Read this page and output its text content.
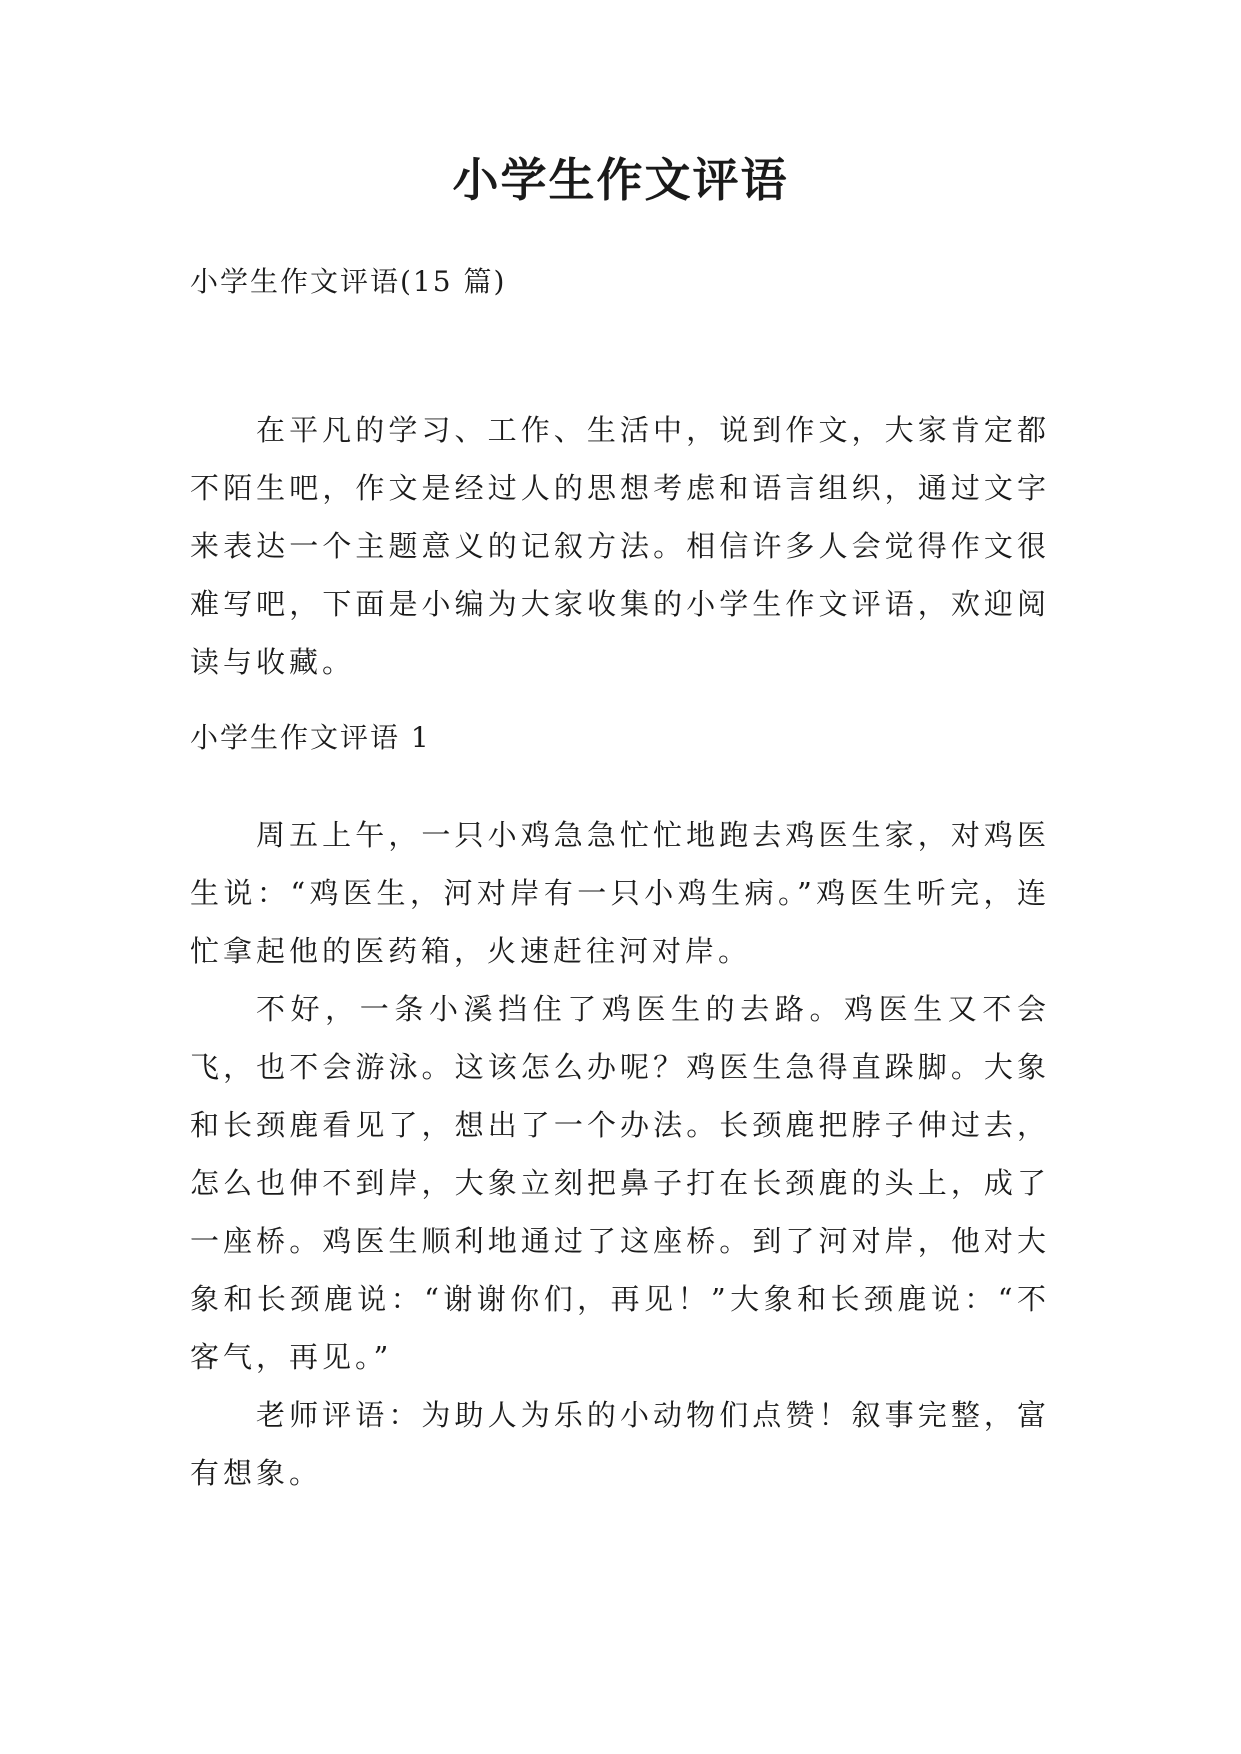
小学生作文评语

小学生作文评语(15 篇)

在平凡的学习、工作、生活中，说到作文，大家肯定都不陌生吧，作文是经过人的思想考虑和语言组织，通过文字来表达一个主题意义的记叙方法。相信许多人会觉得作文很难写吧，下面是小编为大家收集的小学生作文评语，欢迎阅读与收藏。

小学生作文评语 1

周五上午，一只小鸡急急忙忙地跑去鸡医生家，对鸡医生说：“鸡医生，河对岸有一只小鸡生病。”鸡医生听完，连忙拿起他的医药箱，火速赶往河对岸。

不好，一条小溪挡住了鸡医生的去路。鸡医生又不会飞，也不会游泳。这该怎么办呢？鸡医生急得直跺脚。大象和长颈鹿看见了，想出了一个办法。长颈鹿把脖子伸过去，怎么也伸不到岸，大象立刻把鼻子打在长颈鹿的头上，成了一座桥。鸡医生顺利地通过了这座桥。到了河对岸，他对大象和长颈鹿说：“谢谢你们，再见！”大象和长颈鹿说：“不客气，再见。”

老师评语：为助人为乐的小动物们点赞！叙事完整，富有想象。
